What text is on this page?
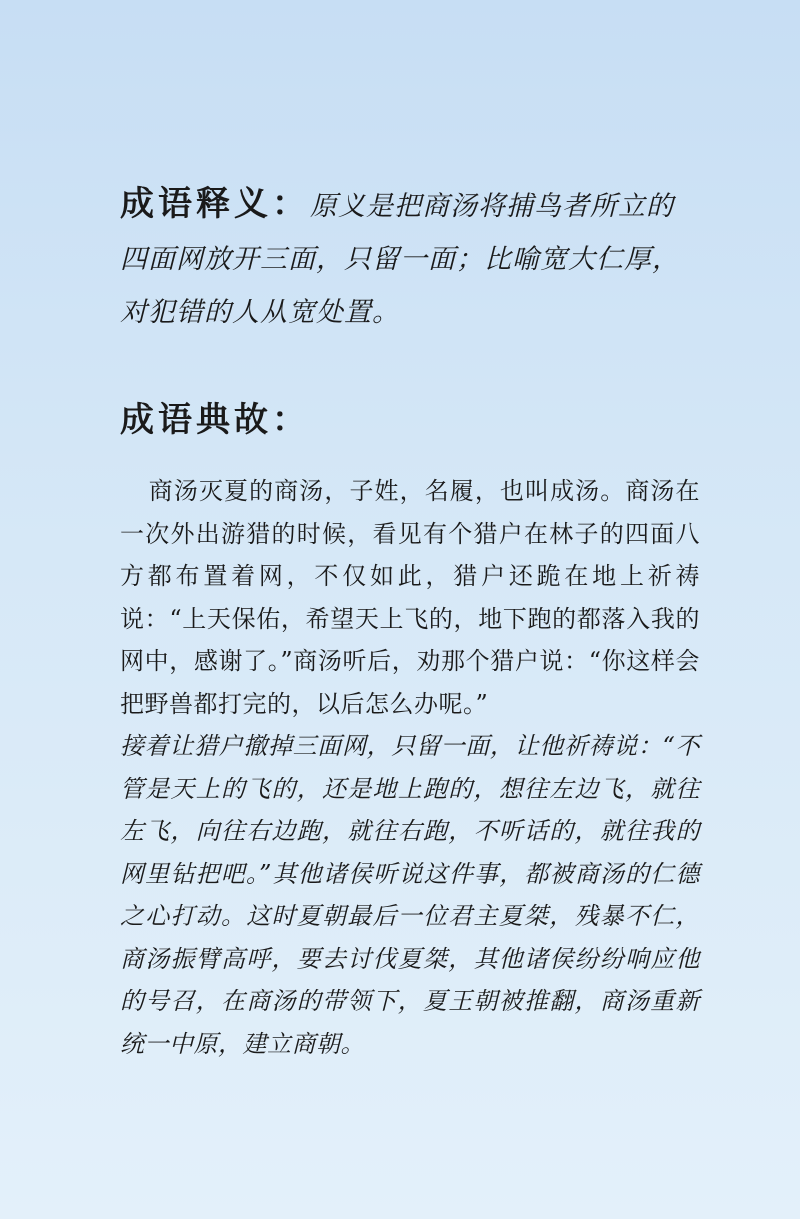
成语释义：原义是把商汤将捕鸟者所立的四面网放开三面，只留一面；比喻宽大仁厚，对犯错的人从宽处置。
成语典故：

商汤灭夏的商汤，子姓，名履，也叫成汤。商汤在一次外出游猎的时候，看见有个猎户在林子的四面八方都布置着网，不仅如此，猎户还跪在地上祈祷说：“上天保佑，希望天上飞的，地下跑的都落入我的网中，感谢了。”商汤听后，劝那个猎户说：“你这样会把野兽都打完的，以后怎么办呢。”

接着让猎户撤掉三面网，只留一面，让他祈祷说：“不管是天上的飞的，还是地上跑的，想往左边飞，就往左飞，向往右边跑，就往右跑，不听话的，就往我的网里钻把吧。”其他诸侯听说这件事，都被商汤的仁德之心打动。这时夏朝最后一位君主夏桀，残暴不仁，商汤振臂高呼，要去讨伐夏桀，其他诸侯纷纷响应他的号召，在商汤的带领下，夏王朝被推翻，商汤重新统一中原，建立商朝。
